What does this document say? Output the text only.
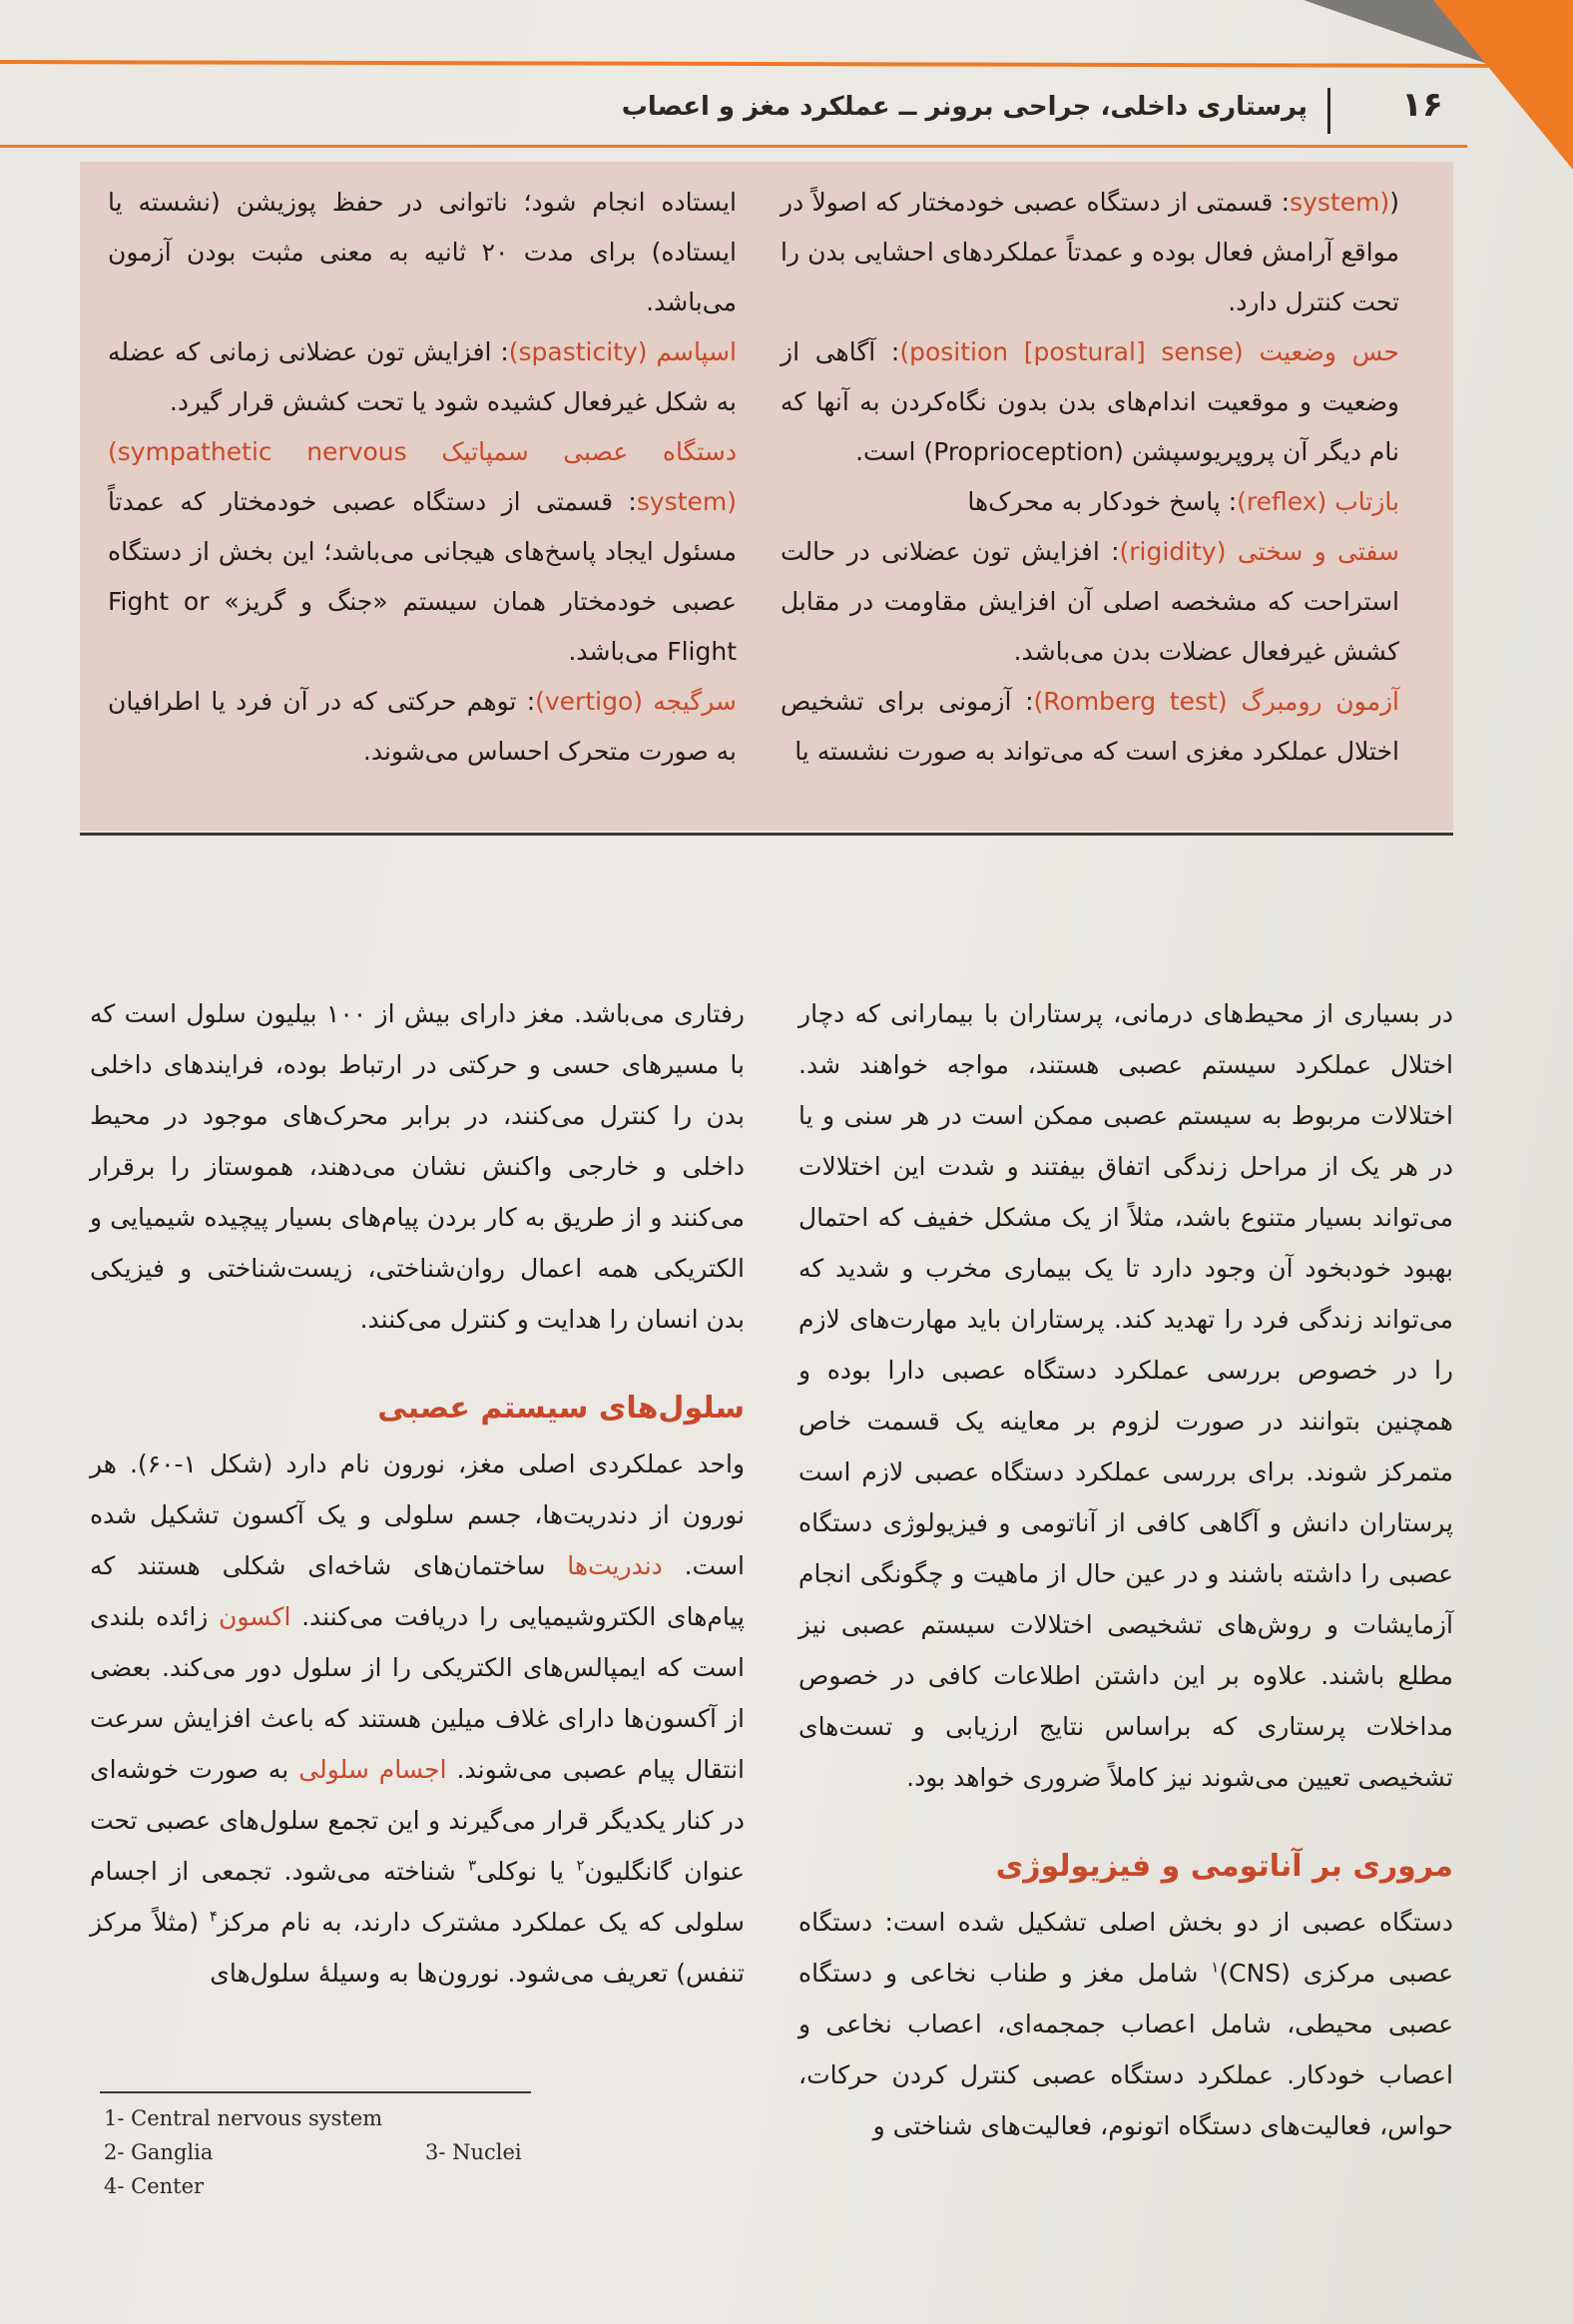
۱۶
پرستاری داخلی، جراحی برونر ــ عملکرد مغز و اعصاب

(system): قسمتی از دستگاه عصبی خودمختار که اصولاً در مواقع آرامش فعال بوده و عمدتاً عملکردهای احشایی بدن را تحت کنترل دارد.

حس وضعیت (position [postural] sense): آگاهی از وضعیت و موقعیت اندام‌های بدن بدون نگاه‌کردن به آنها که نام دیگر آن پروپریوسپشن (Proprioception) است.

بازتاب (reflex): پاسخ خودکار به محرک‌ها

سفتی و سختی (rigidity): افزایش تون عضلانی در حالت استراحت که مشخصه اصلی آن افزایش مقاومت در مقابل کشش غیرفعال عضلات بدن می‌باشد.

آزمون رومبرگ (Romberg test): آزمونی برای تشخیص اختلال عملکرد مغزی است که می‌تواند به صورت نشسته یا

ایستاده انجام شود؛ ناتوانی در حفظ پوزیشن (نشسته یا ایستاده) برای مدت ۲۰ ثانیه به معنی مثبت بودن آزمون می‌باشد.

اسپاسم (spasticity): افزایش تون عضلانی زمانی که عضله به شکل غیرفعال کشیده شود یا تحت کشش قرار گیرد.

دستگاه عصبی سمپاتیک (sympathetic nervous system): قسمتی از دستگاه عصبی خودمختار که عمدتاً مسئول ایجاد پاسخ‌های هیجانی می‌باشد؛ این بخش از دستگاه عصبی خودمختار همان سیستم «جنگ و گریز» Fight or Flight می‌باشد.

سرگیجه (vertigo): توهم حرکتی که در آن فرد یا اطرافیان به صورت متحرک احساس می‌شوند.

در بسیاری از محیط‌های درمانی، پرستاران با بیمارانی که دچار اختلال عملکرد سیستم عصبی هستند، مواجه خواهند شد. اختلالات مربوط به سیستم عصبی ممکن است در هر سنی و یا در هر یک از مراحل زندگی اتفاق بیفتند و شدت این اختلالات می‌تواند بسیار متنوع باشد، مثلاً از یک مشکل خفیف که احتمال بهبود خودبخود آن وجود دارد تا یک بیماری مخرب و شدید که می‌تواند زندگی فرد را تهدید کند. پرستاران باید مهارت‌های لازم را در خصوص بررسی عملکرد دستگاه عصبی دارا بوده و همچنین بتوانند در صورت لزوم بر معاینه یک قسمت خاص متمرکز شوند. برای بررسی عملکرد دستگاه عصبی لازم است پرستاران دانش و آگاهی کافی از آناتومی و فیزیولوژی دستگاه عصبی را داشته باشند و در عین حال از ماهیت و چگونگی انجام آزمایشات و روش‌های تشخیصی اختلالات سیستم عصبی نیز مطلع باشند. علاوه بر این داشتن اطلاعات کافی در خصوص مداخلات پرستاری که براساس نتایج ارزیابی و تست‌های تشخیصی تعیین می‌شوند نیز کاملاً ضروری خواهد بود.

مروری بر آناتومی و فیزیولوژی

دستگاه عصبی از دو بخش اصلی تشکیل شده است: دستگاه عصبی مرکزی (CNS)$^۱$ شامل مغز و طناب نخاعی و دستگاه عصبی محیطی، شامل اعصاب جمجمه‌ای، اعصاب نخاعی و اعصاب خودکار. عملکرد دستگاه عصبی کنترل کردن حرکات، حواس، فعالیت‌های دستگاه اتونوم، فعالیت‌های شناختی و

رفتاری می‌باشد. مغز دارای بیش از ۱۰۰ بیلیون سلول است که با مسیرهای حسی و حرکتی در ارتباط بوده، فرایندهای داخلی بدن را کنترل می‌کنند، در برابر محرک‌های موجود در محیط داخلی و خارجی واکنش نشان می‌دهند، هموستاز را برقرار می‌کنند و از طریق به کار بردن پیام‌های بسیار پیچیده شیمیایی و الکتریکی همه اعمال روان‌شناختی، زیست‌شناختی و فیزیکی بدن انسان را هدایت و کنترل می‌کنند.

سلول‌های سیستم عصبی

واحد عملکردی اصلی مغز، نورون نام دارد (شکل ۱-۶۰). هر نورون از دندریت‌ها، جسم سلولی و یک آکسون تشکیل شده است. دندریت‌ها ساختمان‌های شاخه‌ای شکلی هستند که پیام‌های الکتروشیمیایی را دریافت می‌کنند. اکسون زائده بلندی است که ایمپالس‌های الکتریکی را از سلول دور می‌کند. بعضی از آکسون‌ها دارای غلاف میلین هستند که باعث افزایش سرعت انتقال پیام عصبی می‌شوند. اجسام سلولی به صورت خوشه‌ای در کنار یکدیگر قرار می‌گیرند و این تجمع سلول‌های عصبی تحت عنوان گانگلیون$^۲$ یا نوکلی$^۳$ شناخته می‌شود. تجمعی از اجسام سلولی که یک عملکرد مشترک دارند، به نام مرکز$^۴$ (مثلاً مرکز تنفس) تعریف می‌شود. نورون‌ها به وسیلهٔ سلول‌های

1- Central nervous system
2- Ganglia	3- Nuclei
4- Center
